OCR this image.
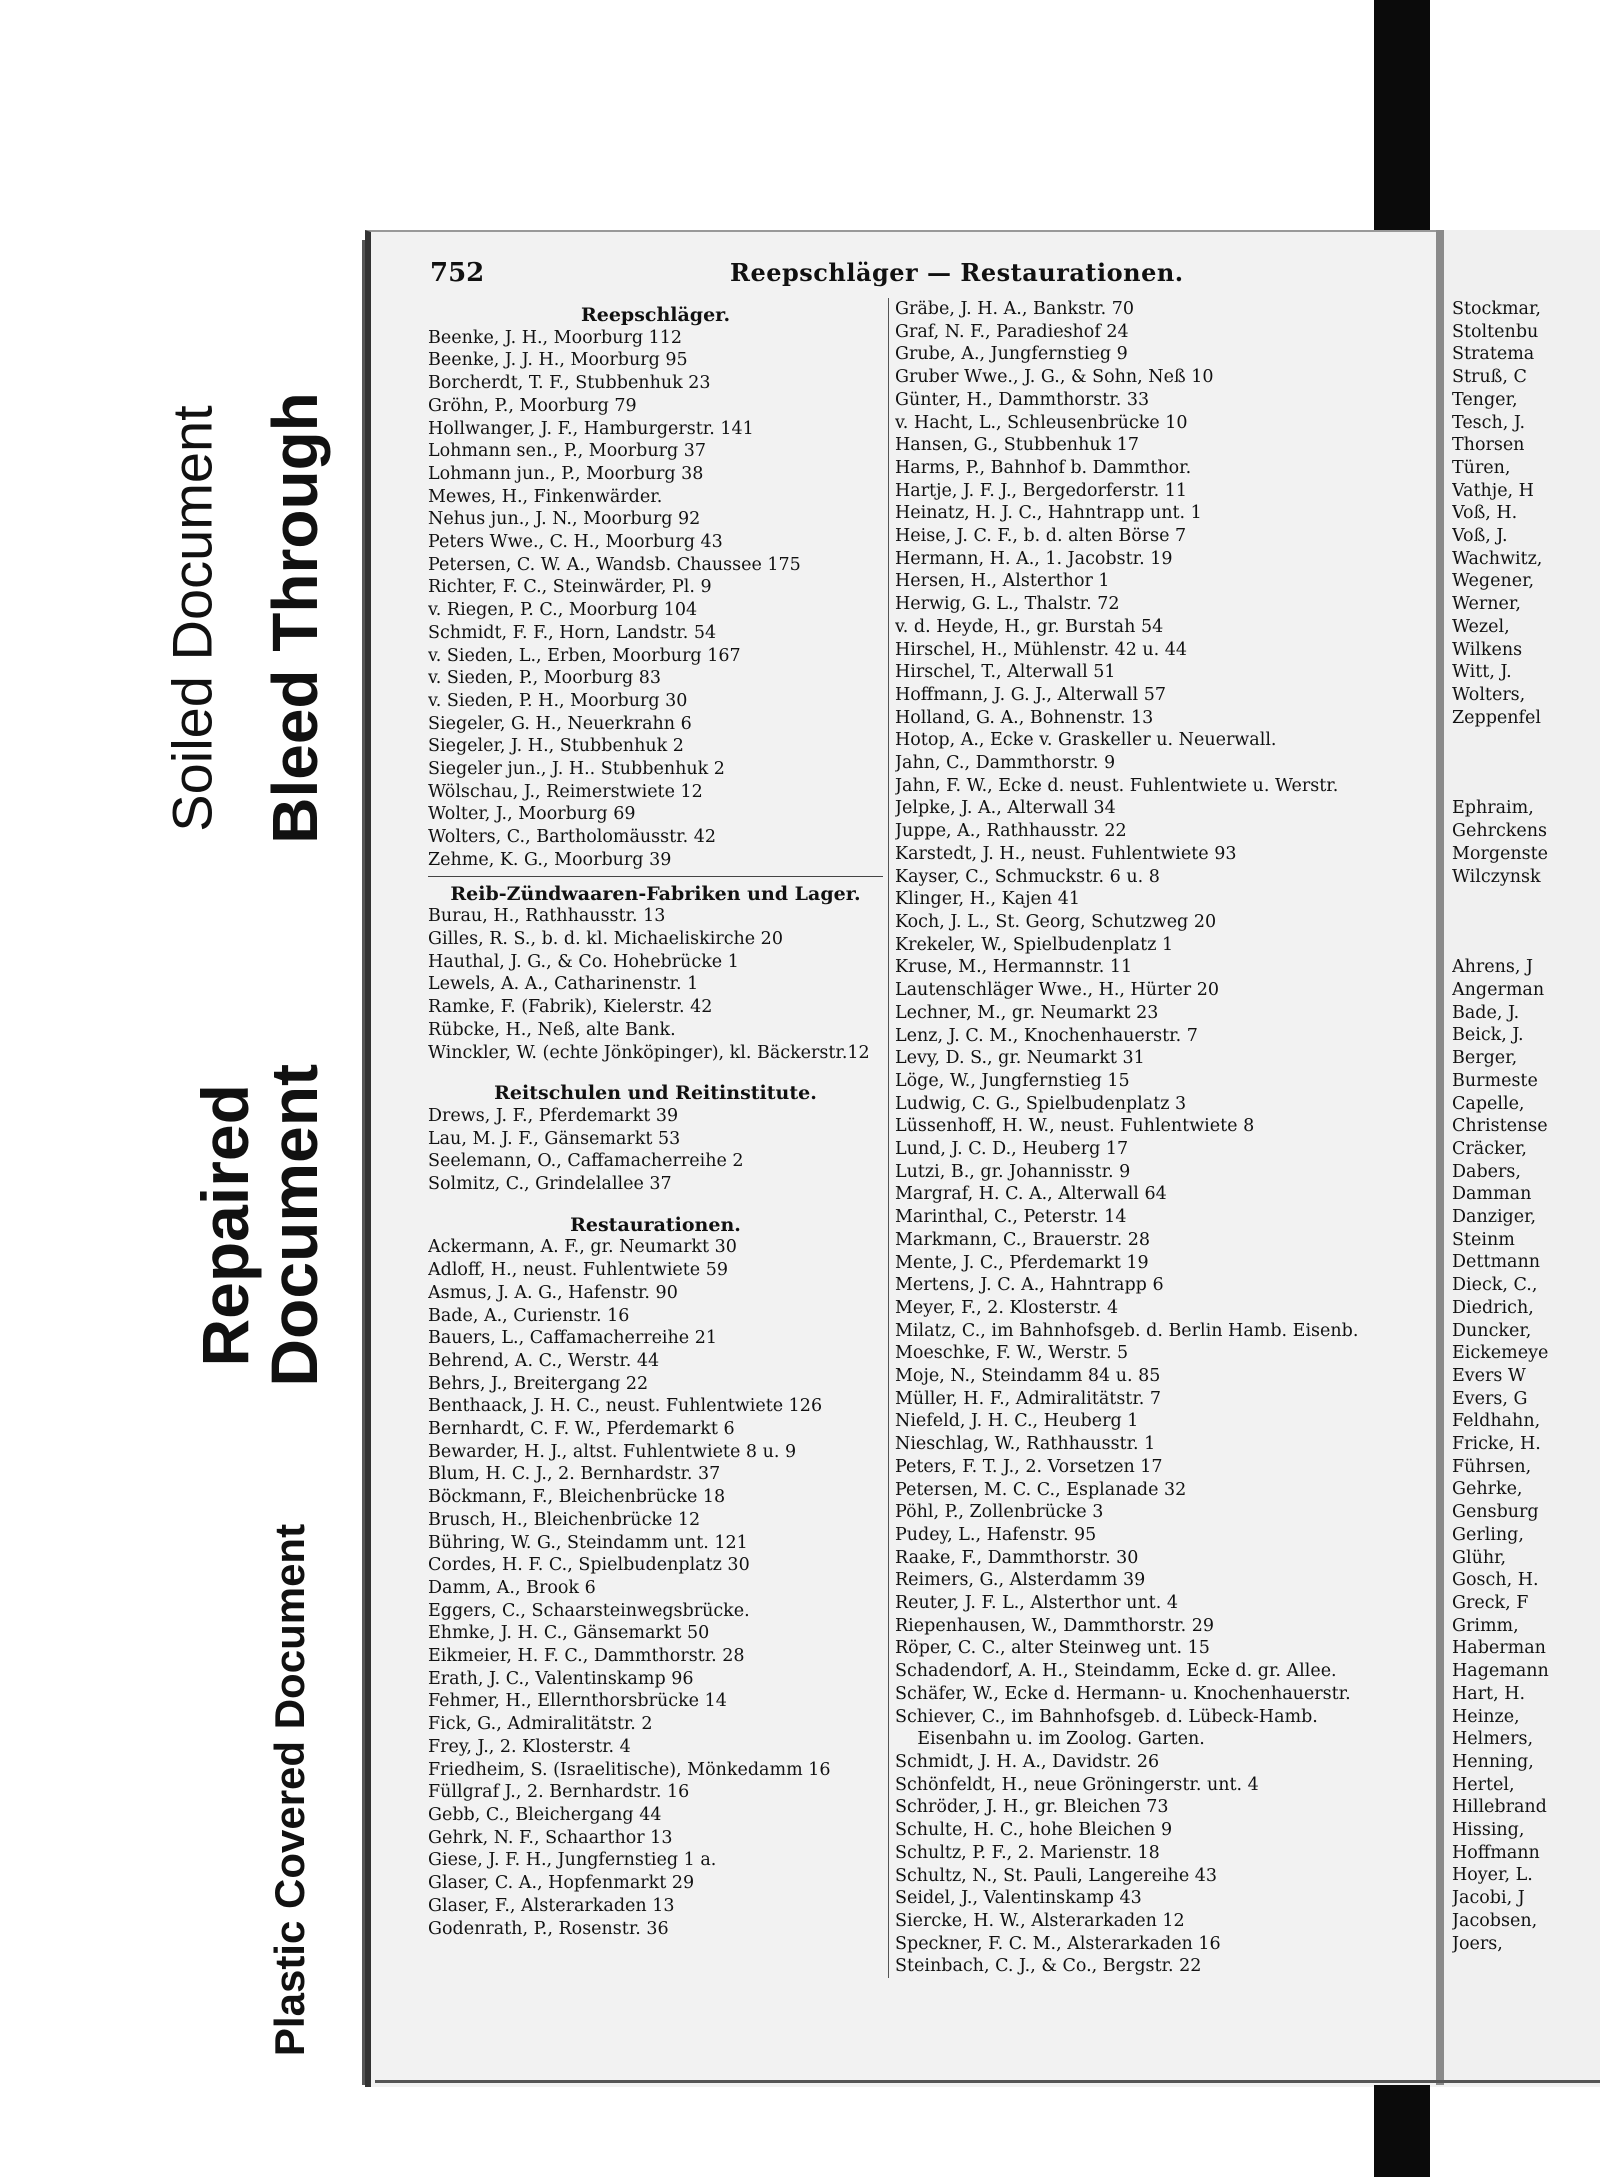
Soiled Document Bleed Through
Repaired
Document
Plastic Covered Document
752	Reepschläger — Restaurationen.
Reepschläger.
Beenke, J. H., Moorburg 112
Beenke, J. J. H., Moorburg 95
Borcherdt, T. F., Stubbenhuk 23
Gröhn, P., Moorburg 79
Hollwanger, J. F., Hamburgerstr. 141
Lohmann sen., P., Moorburg 37
Lohmann jun., P., Moorburg 38
Mewes, H., Finkenwärder.
Nehus jun., J. N., Moorburg 92
Peters Wwe., C. H., Moorburg 43
Petersen, C. W. A., Wandsb. Chaussee 175
Richter, F. C., Steinwärder, Pl. 9
v. Riegen, P. C., Moorburg 104
Schmidt, F. F., Horn, Landstr. 54
v. Sieden, L., Erben, Moorburg 167
v. Sieden, P., Moorburg 83
v. Sieden, P. H., Moorburg 30
Siegeler, G. H., Neuerkrahn 6
Siegeler, J. H., Stubbenhuk 2
Siegeler jun., J. H.. Stubbenhuk 2
Wölschau, J., Reimerstwiete 12
Wolter, J., Moorburg 69
Wolters, C., Bartholomäusstr. 42
Zehme, K. G., Moorburg 39
Reib-Zündwaaren-Fabriken und Lager.
Burau, H., Rathhausstr. 13
Gilles, R. S., b. d. kl. Michaeliskirche 20
Hauthal, J. G., & Co. Hohebrücke 1
Lewels, A. A., Catharinenstr. 1
Ramke, F. (Fabrik), Kielerstr. 42
Rübcke, H., Neß, alte Bank.
Winckler, W. (echte Jönköpinger), kl. Bäckerstr.12
Reitschulen und Reitinstitute.
Drews, J. F., Pferdemarkt 39
Lau, M. J. F., Gänsemarkt 53
Seelemann, O., Caffamacherreihe 2
Solmitz, C., Grindelallee 37
Restaurationen.
Ackermann, A. F., gr. Neumarkt 30
Adloff, H., neust. Fuhlentwiete 59
Asmus, J. A. G., Hafenstr. 90
Bade, A., Curienstr. 16
Bauers, L., Caffamacherreihe 21
Behrend, A. C., Werstr. 44
Behrs, J., Breitergang 22
Benthaack, J. H. C., neust. Fuhlentwiete 126
Bernhardt, C. F. W., Pferdemarkt 6
Bewarder, H. J., altst. Fuhlentwiete 8 u. 9
Blum, H. C. J., 2. Bernhardstr. 37
Böckmann, F., Bleichenbrücke 18
Brusch, H., Bleichenbrücke 12
Bühring, W. G., Steindamm unt. 121
Cordes, H. F. C., Spielbudenplatz 30
Damm, A., Brook 6
Eggers, C., Schaarsteinwegsbrücke.
Ehmke, J. H. C., Gänsemarkt 50
Eikmeier, H. F. C., Dammthorstr. 28
Erath, J. C., Valentinskamp 96
Fehmer, H., Ellernthorsbrücke 14
Fick, G., Admiralitätstr. 2
Frey, J., 2. Klosterstr. 4
Friedheim, S. (Israelitische), Mönkedamm 16
Füllgraf J., 2. Bernhardstr. 16
Gebb, C., Bleichergang 44
Gehrk, N. F., Schaarthor 13
Giese, J. F. H., Jungfernstieg 1 a.
Glaser, C. A., Hopfenmarkt 29
Glaser, F., Alsterarkaden 13
Godenrath, P., Rosenstr. 36
Gräbe, J. H. A., Bankstr. 70
Graf, N. F., Paradieshof 24
Grube, A., Jungfernstieg 9
Gruber Wwe., J. G., & Sohn, Neß 10
Günter, H., Dammthorstr. 33
v. Hacht, L., Schleusenbrücke 10
Hansen, G., Stubbenhuk 17
Harms, P., Bahnhof b. Dammthor.
Hartje, J. F. J., Bergedorferstr. 11
Heinatz, H. J. C., Hahntrapp unt. 1
Heise, J. C. F., b. d. alten Börse 7
Hermann, H. A., 1. Jacobstr. 19
Hersen, H., Alsterthor 1
Herwig, G. L., Thalstr. 72
v. d. Heyde, H., gr. Burstah 54
Hirschel, H., Mühlenstr. 42 u. 44
Hirschel, T., Alterwall 51
Hoffmann, J. G. J., Alterwall 57
Holland, G. A., Bohnenstr. 13
Hotop, A., Ecke v. Graskeller u. Neuerwall.
Jahn, C., Dammthorstr. 9
Jahn, F. W., Ecke d. neust. Fuhlentwiete u. Werstr.
Jelpke, J. A., Alterwall 34
Juppe, A., Rathhausstr. 22
Karstedt, J. H., neust. Fuhlentwiete 93
Kayser, C., Schmuckstr. 6 u. 8
Klinger, H., Kajen 41
Koch, J. L., St. Georg, Schutzweg 20
Krekeler, W., Spielbudenplatz 1
Kruse, M., Hermannstr. 11
Lautenschläger Wwe., H., Hürter 20
Lechner, M., gr. Neumarkt 23
Lenz, J. C. M., Knochenhauerstr. 7
Levy, D. S., gr. Neumarkt 31
Löge, W., Jungfernstieg 15
Ludwig, C. G., Spielbudenplatz 3
Lüssenhoff, H. W., neust. Fuhlentwiete 8
Lund, J. C. D., Heuberg 17
Lutzi, B., gr. Johannisstr. 9
Margraf, H. C. A., Alterwall 64
Marinthal, C., Peterstr. 14
Markmann, C., Brauerstr. 28
Mente, J. C., Pferdemarkt 19
Mertens, J. C. A., Hahntrapp 6
Meyer, F., 2. Klosterstr. 4
Milatz, C., im Bahnhofsgeb. d. Berlin Hamb. Eisenb.
Moeschke, F. W., Werstr. 5
Moje, N., Steindamm 84 u. 85
Müller, H. F., Admiralitätstr. 7
Niefeld, J. H. C., Heuberg 1
Nieschlag, W., Rathhausstr. 1
Peters, F. T. J., 2. Vorsetzen 17
Petersen, M. C. C., Esplanade 32
Pöhl, P., Zollenbrücke 3
Pudey, L., Hafenstr. 95
Raake, F., Dammthorstr. 30
Reimers, G., Alsterdamm 39
Reuter, J. F. L., Alsterthor unt. 4
Riepenhausen, W., Dammthorstr. 29
Röper, C. C., alter Steinweg unt. 15
Schadendorf, A. H., Steindamm, Ecke d. gr. Allee.
Schäfer, W., Ecke d. Hermann- u. Knochenhauerstr.
Schiever, C., im Bahnhofsgeb. d. Lübeck-Hamb.
Eisenbahn u. im Zoolog. Garten.
Schmidt, J. H. A., Davidstr. 26
Schönfeldt, H., neue Gröningerstr. unt. 4
Schröder, J. H., gr. Bleichen 73
Schulte, H. C., hohe Bleichen 9
Schultz, P. F., 2. Marienstr. 18
Schultz, N., St. Pauli, Langereihe 43
Seidel, J., Valentinskamp 43
Siercke, H. W., Alsterarkaden 12
Speckner, F. C. M., Alsterarkaden 16
Steinbach, C. J., & Co., Bergstr. 22
Stockmar,
Stoltenbu
Stratema
Struß, C
Tenger,
Tesch, J.
Thorsen
Türen,
Vathje, H
Voß, H.
Voß, J.
Wachwitz,
Wegener,
Werner,
Wezel,
Wilkens
Witt, J.
Wolters,
Zeppenfel
Ephraim,
Gehrckens
Morgenste
Wilczynsk
Ahrens, J
Angerman
Bade, J.
Beick, J.
Berger,
Burmeste
Capelle,
Christense
Cräcker,
Dabers,
Damman
Danziger,
Steinm
Dettmann
Dieck, C.,
Diedrich,
Duncker,
Eickemeye
Evers W
Evers, G
Feldhahn,
Fricke, H.
Führsen,
Gehrke,
Gensburg
Gerling,
Glühr,
Gosch, H.
Greck, F
Grimm,
Haberman
Hagemann
Hart, H.
Heinze,
Helmers,
Henning,
Hertel,
Hillebrand
Hissing,
Hoffmann
Hoyer, L.
Jacobi, J
Jacobsen,
Joers,
